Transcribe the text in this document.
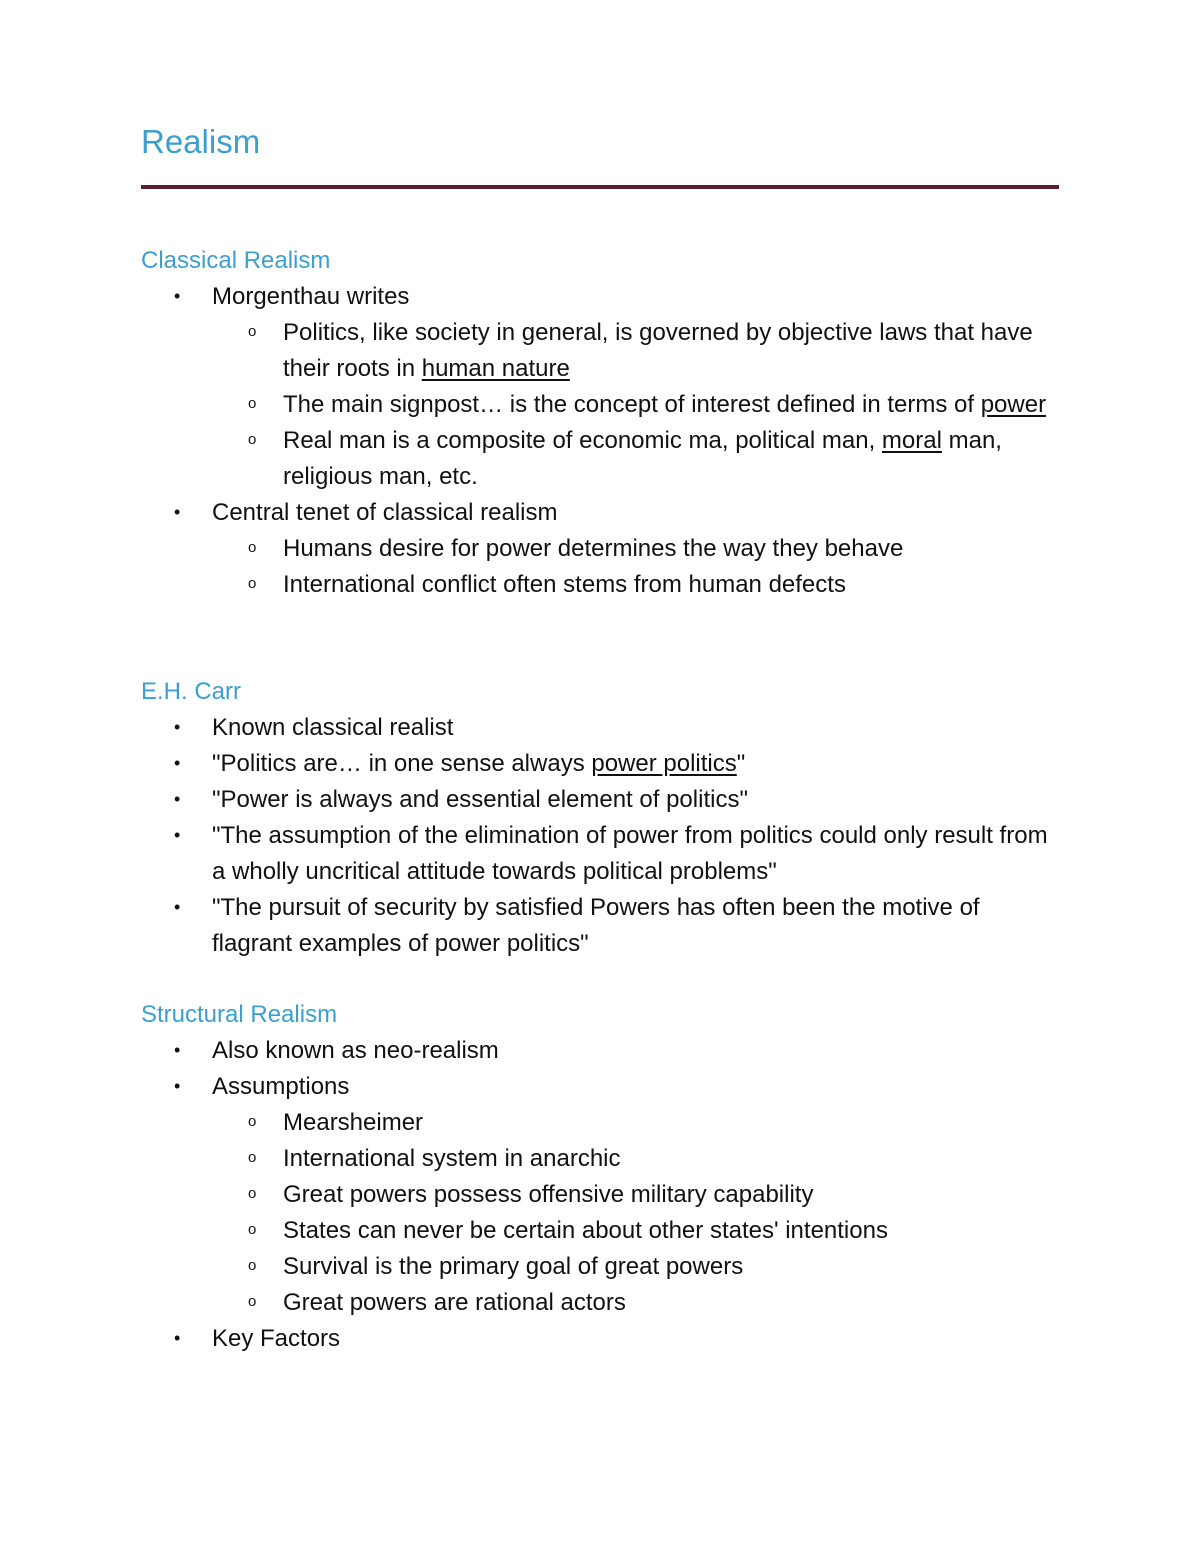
Realism
Classical Realism
• Morgenthau writes
o Politics, like society in general, is governed by objective laws that have their roots in human nature
o The main signpost… is the concept of interest defined in terms of power
o Real man is a composite of economic ma, political man, moral man, religious man, etc.
• Central tenet of classical realism
o Humans desire for power determines the way they behave
o International conflict often stems from human defects
E.H. Carr
• Known classical realist
• "Politics are… in one sense always power politics"
• "Power is always and essential element of politics"
• "The assumption of the elimination of power from politics could only result from a wholly uncritical attitude towards political problems"
• "The pursuit of security by satisfied Powers has often been the motive of flagrant examples of power politics"
Structural Realism
• Also known as neo-realism
• Assumptions
o Mearsheimer
o International system in anarchic
o Great powers possess offensive military capability
o States can never be certain about other states' intentions
o Survival is the primary goal of great powers
o Great powers are rational actors
• Key Factors
